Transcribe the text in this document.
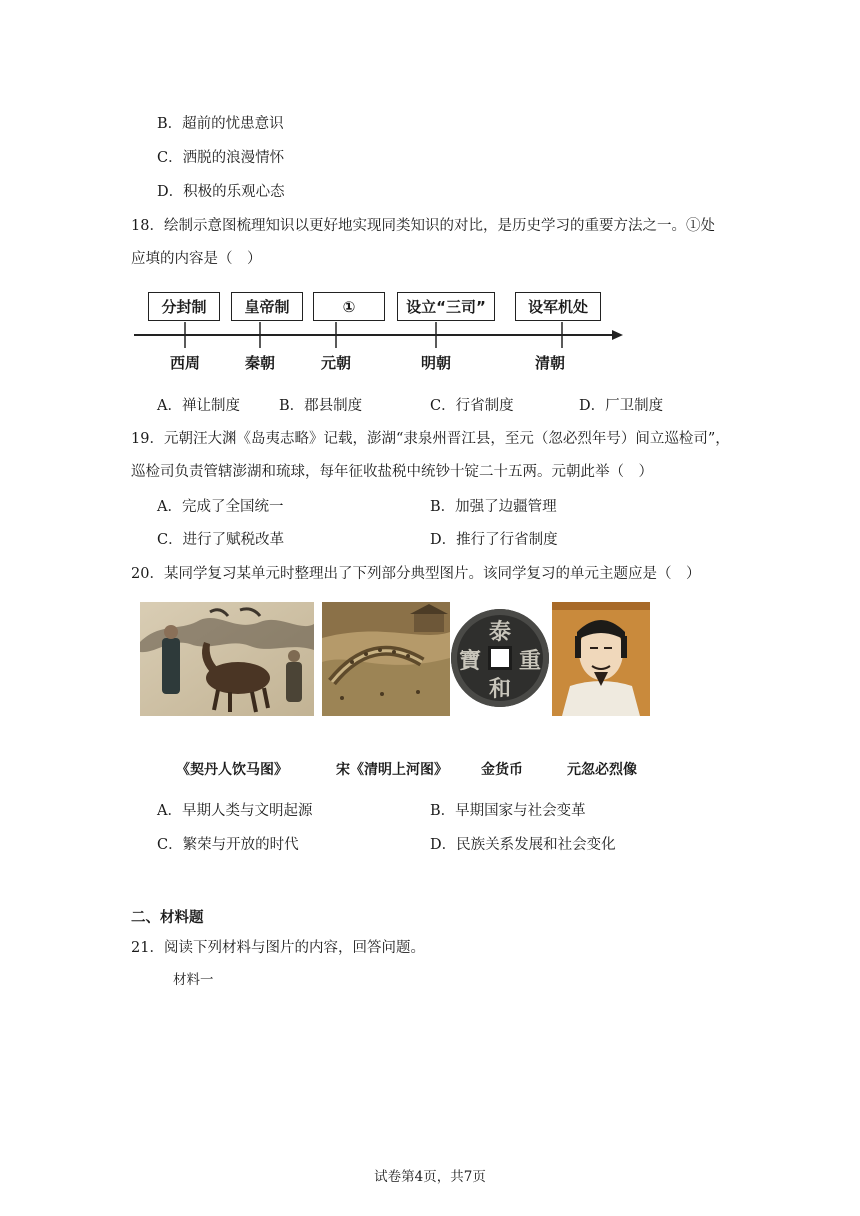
B．超前的忧患意识
C．洒脱的浪漫情怀
D．积极的乐观心态
18．绘制示意图梳理知识以更好地实现同类知识的对比，是历史学习的重要方法之一。①处
应填的内容是（　）
分封制	皇帝制	①	设立“三司”	设军机处
西周	秦朝	元朝	明朝	清朝
A．禅让制度	B．郡县制度	C．行省制度	D．厂卫制度
19．元朝汪大渊《岛夷志略》记载，澎湖“隶泉州晋江县，至元（忽必烈年号）间立巡检司”，
巡检司负责管辖澎湖和琉球，每年征收盐税中统钞十锭二十五两。元朝此举（　）
A．完成了全国统一	B．加强了边疆管理
C．进行了赋税改革	D．推行了行省制度
20．某同学复习某单元时整理出了下列部分典型图片。该同学复习的单元主题应是（　）
泰
和
重
寶
《契丹人饮马图》	宋《清明上河图》 金货币	元忽必烈像
A．早期人类与文明起源	B．早期国家与社会变革
C．繁荣与开放的时代	D．民族关系发展和社会变化
二、材料题
21．阅读下列材料与图片的内容，回答问题。
材料一
试卷第4页，共7页
